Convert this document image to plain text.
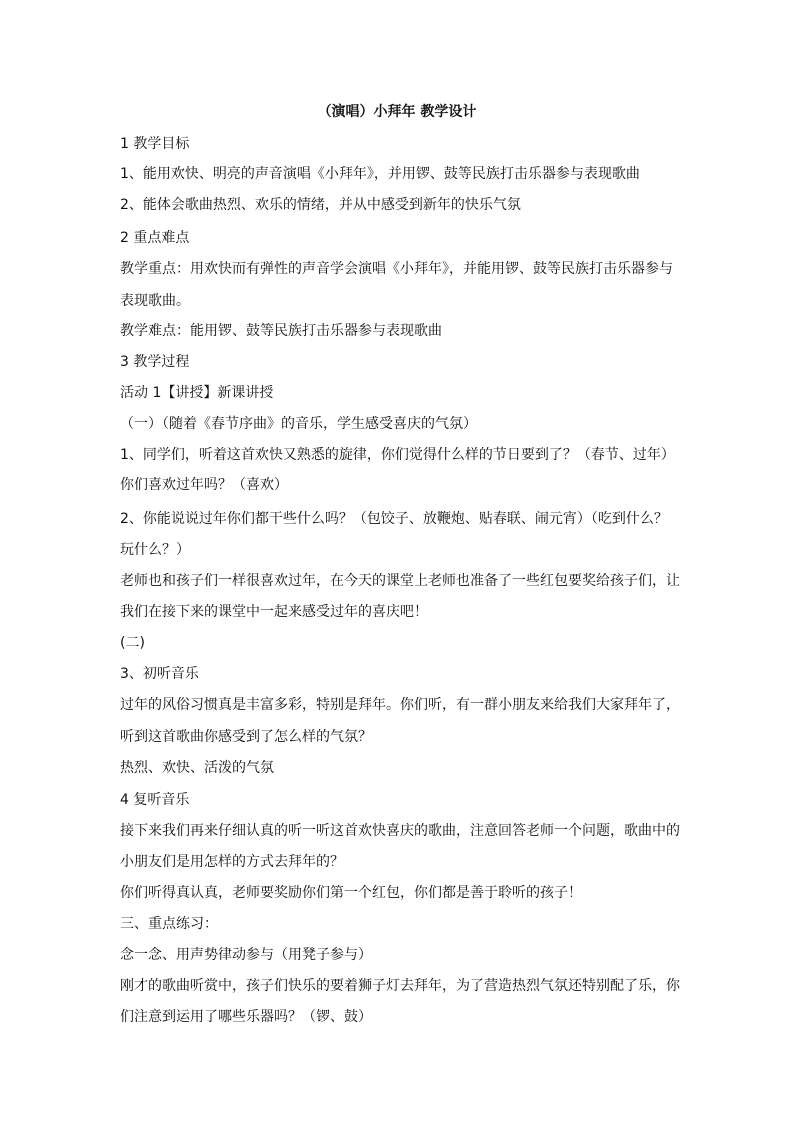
（演唱）小拜年 教学设计
1 教学目标
1、能用欢快、明亮的声音演唱《小拜年》，并用锣、鼓等民族打击乐器参与表现歌曲
2、能体会歌曲热烈、欢乐的情绪，并从中感受到新年的快乐气氛
2 重点难点
教学重点：用欢快而有弹性的声音学会演唱《小拜年》，并能用锣、鼓等民族打击乐器参与
表现歌曲。
教学难点：能用锣、鼓等民族打击乐器参与表现歌曲
3 教学过程
活动 1【讲授】新课讲授
（一）（随着《春节序曲》的音乐，学生感受喜庆的气氛）
1、同学们，听着这首欢快又熟悉的旋律，你们觉得什么样的节日要到了？（春节、过年）
你们喜欢过年吗？（喜欢）
2、你能说说过年你们都干些什么吗？（包饺子、放鞭炮、贴春联、闹元宵）（吃到什么？
玩什么？）
老师也和孩子们一样很喜欢过年，在今天的课堂上老师也准备了一些红包要奖给孩子们，让
我们在接下来的课堂中一起来感受过年的喜庆吧！
(二)
3、初听音乐
过年的风俗习惯真是丰富多彩，特别是拜年。你们听，有一群小朋友来给我们大家拜年了，
听到这首歌曲你感受到了怎么样的气氛？
热烈、欢快、活泼的气氛
4 复听音乐
接下来我们再来仔细认真的听一听这首欢快喜庆的歌曲，注意回答老师一个问题，歌曲中的
小朋友们是用怎样的方式去拜年的？
你们听得真认真，老师要奖励你们第一个红包，你们都是善于聆听的孩子！
三、重点练习：
念一念、用声势律动参与（用凳子参与）
刚才的歌曲听赏中，孩子们快乐的要着狮子灯去拜年，为了营造热烈气氛还特别配了乐，你
们注意到运用了哪些乐器吗？（锣、鼓）
